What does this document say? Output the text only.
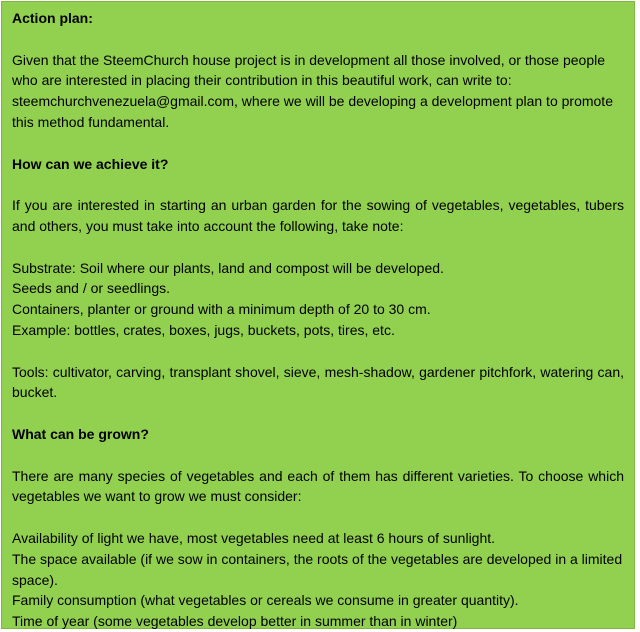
Action plan:

Given that the SteemChurch house project is in development all those involved, or those people who are interested in placing their contribution in this beautiful work, can write to: steemchurchvenezuela@gmail.com, where we will be developing a development plan to promote this method fundamental.

How can we achieve it?

If you are interested in starting an urban garden for the sowing of vegetables, vegetables, tubers and others, you must take into account the following, take note:

Substrate: Soil where our plants, land and compost will be developed.
Seeds and / or seedlings.
Containers, planter or ground with a minimum depth of 20 to 30 cm.
Example: bottles, crates, boxes, jugs, buckets, pots, tires, etc.

Tools: cultivator, carving, transplant shovel, sieve, mesh-shadow, gardener pitchfork, watering can, bucket.

What can be grown?

There are many species of vegetables and each of them has different varieties. To choose which vegetables we want to grow we must consider:

Availability of light we have, most vegetables need at least 6 hours of sunlight.
The space available (if we sow in containers, the roots of the vegetables are developed in a limited space).
Family consumption (what vegetables or cereals we consume in greater quantity).
Time of year (some vegetables develop better in summer than in winter)
